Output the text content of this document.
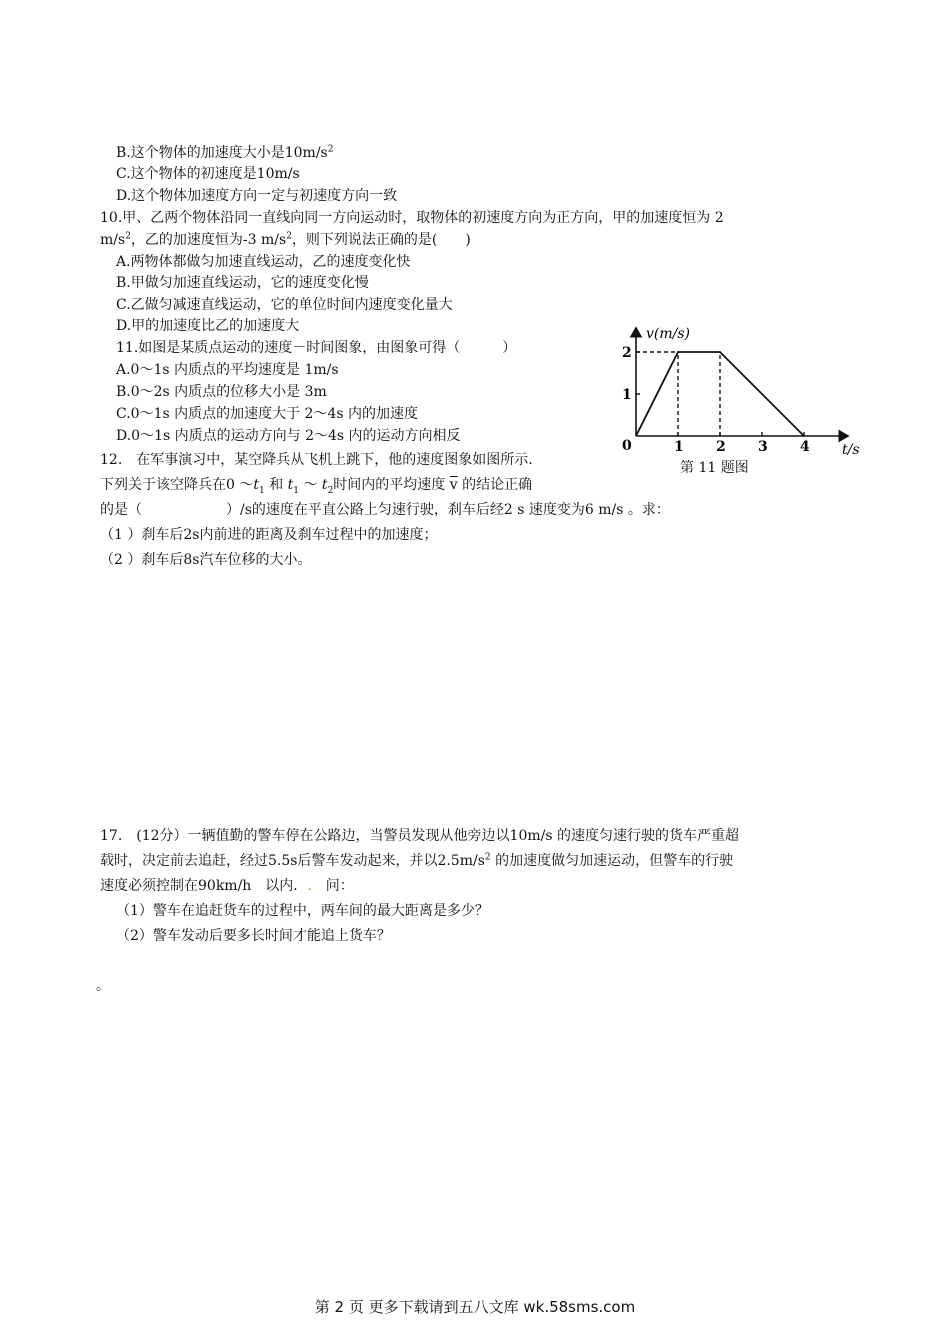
B.这个物体的加速度大小是$10m/s^2$
C.这个物体的初速度是10m/s
D.这个物体加速度方向一定与初速度方向一致
10.甲、乙两个物体沿同一直线向同一方向运动时，取物体的初速度方向为正方向，甲的加速度恒为 2
$m/s^2$，乙的加速度恒为-3 $m/s^2$，则下列说法正确的是(　　)
A.两物体都做匀加速直线运动，乙的速度变化快
B.甲做匀加速直线运动，它的速度变化慢
C.乙做匀减速直线运动，它的单位时间内速度变化量大
D.甲的加速度比乙的加速度大
11.如图是某质点运动的速度－时间图象，由图象可得（　　　）
A.0～1s 内质点的平均速度是 1m/s
B.0～2s 内质点的位移大小是 3m
C.0～1s 内质点的加速度大于 2～4s 内的加速度
D.0～1s 内质点的运动方向与 2～4s 内的运动方向相反
1 2 3 4
1
2
v(m/s)
t/s
0
第 11 题图
12.　在军事演习中，某空降兵从飞机上跳下，他的速度图象如图所示.
下列关于该空降兵在0 $\sim t_1$ 和 $t_1$ ～ $t_2$时间内的平均速度 $\overline{v}$ 的结论正确
的是（　　　　　　）/s的速度在平直公路上匀速行驶，刹车后经2 s 速度变为6 m/s 。求：
（1 ）刹车后2s内前进的距离及刹车过程中的加速度；
（2 ）刹车后8s汽车位移的大小。
17.　(12分）一辆值勤的警车停在公路边，当警员发现从他旁边以10m/s 的速度匀速行驶的货车严重超
载时，决定前去追赶，经过5.5s后警车发动起来，并以$2.5m/s^2$ 的加速度做匀加速运动，但警车的行驶
速度必须控制在90km/h　以内．.　问：
（1）警车在追赶货车的过程中，两车间的最大距离是多少？
（2）警车发动后要多长时间才能追上货车？
。
第 2 页 更多下载请到五八文库 wk.58sms.com
